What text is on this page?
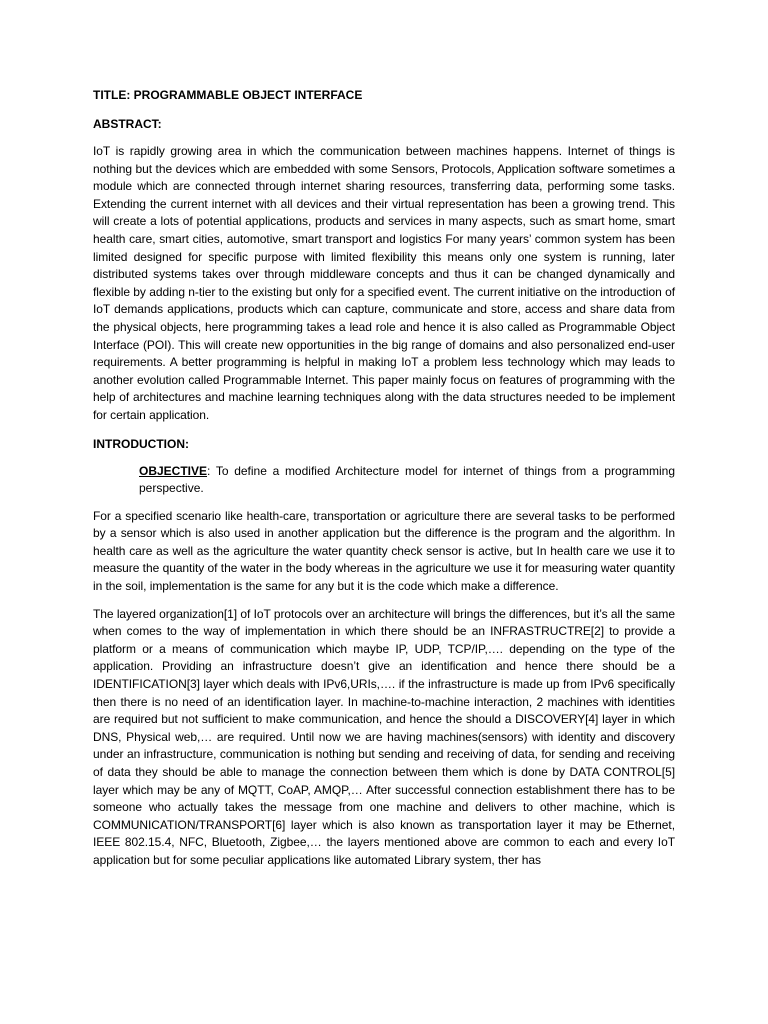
TITLE: PROGRAMMABLE OBJECT INTERFACE
ABSTRACT:

IoT is rapidly growing area in which the communication between machines happens. Internet of things is nothing but the devices which are embedded with some Sensors, Protocols, Application software sometimes a module which are connected through internet sharing resources, transferring data, performing some tasks. Extending the current internet with all devices and their virtual representation has been a growing trend. This will create a lots of potential applications, products and services in many aspects, such as smart home, smart health care, smart cities, automotive, smart transport and logistics For many years’ common system has been limited designed for specific purpose with limited flexibility this means only one system is running, later distributed systems takes over through middleware concepts and thus it can be changed dynamically and flexible by adding n-tier to the existing but only for a specified event. The current initiative on the introduction of IoT demands applications, products which can capture, communicate and store, access and share data from the physical objects, here programming takes a lead role and hence it is also called as Programmable Object Interface (POI). This will create new opportunities in the big range of domains and also personalized end-user requirements. A better programming is helpful in making IoT a problem less technology which may leads to another evolution called Programmable Internet. This paper mainly focus on features of programming with the help of architectures and machine learning techniques along with the data structures needed to be implement for certain application.

INTRODUCTION:

OBJECTIVE: To define a modified Architecture model for internet of things from a programming perspective.

For a specified scenario like health-care, transportation or agriculture there are several tasks to be performed by a sensor which is also used in another application but the difference is the program and the algorithm. In health care as well as the agriculture the water quantity check sensor is active, but In health care we use it to measure the quantity of the water in the body whereas in the agriculture we use it for measuring water quantity in the soil, implementation is the same for any but it is the code which make a difference.

The layered organization[1] of IoT protocols over an architecture will brings the differences, but it’s all the same when comes to the way of implementation in which there should be an INFRASTRUCTRE[2] to provide a platform or a means of communication which maybe IP, UDP, TCP/IP,…. depending on the type of the application. Providing an infrastructure doesn’t give an identification and hence there should be a IDENTIFICATION[3] layer which deals with IPv6,URIs,…. if the infrastructure is made up from IPv6 specifically then there is no need of an identification layer. In machine-to-machine interaction, 2 machines with identities are required but not sufficient to make communication, and hence the should a DISCOVERY[4] layer in which DNS, Physical web,… are required. Until now we are having machines(sensors) with identity and discovery under an infrastructure, communication is nothing but sending and receiving of data, for sending and receiving of data they should be able to manage the connection between them which is done by DATA CONTROL[5] layer which may be any of MQTT, CoAP, AMQP,… After successful connection establishment there has to be someone who actually takes the message from one machine and delivers to other machine, which is COMMUNICATION/TRANSPORT[6] layer which is also known as transportation layer it may be Ethernet, IEEE 802.15.4, NFC, Bluetooth, Zigbee,… the layers mentioned above are common to each and every IoT application but for some peculiar applications like automated Library system, ther has
